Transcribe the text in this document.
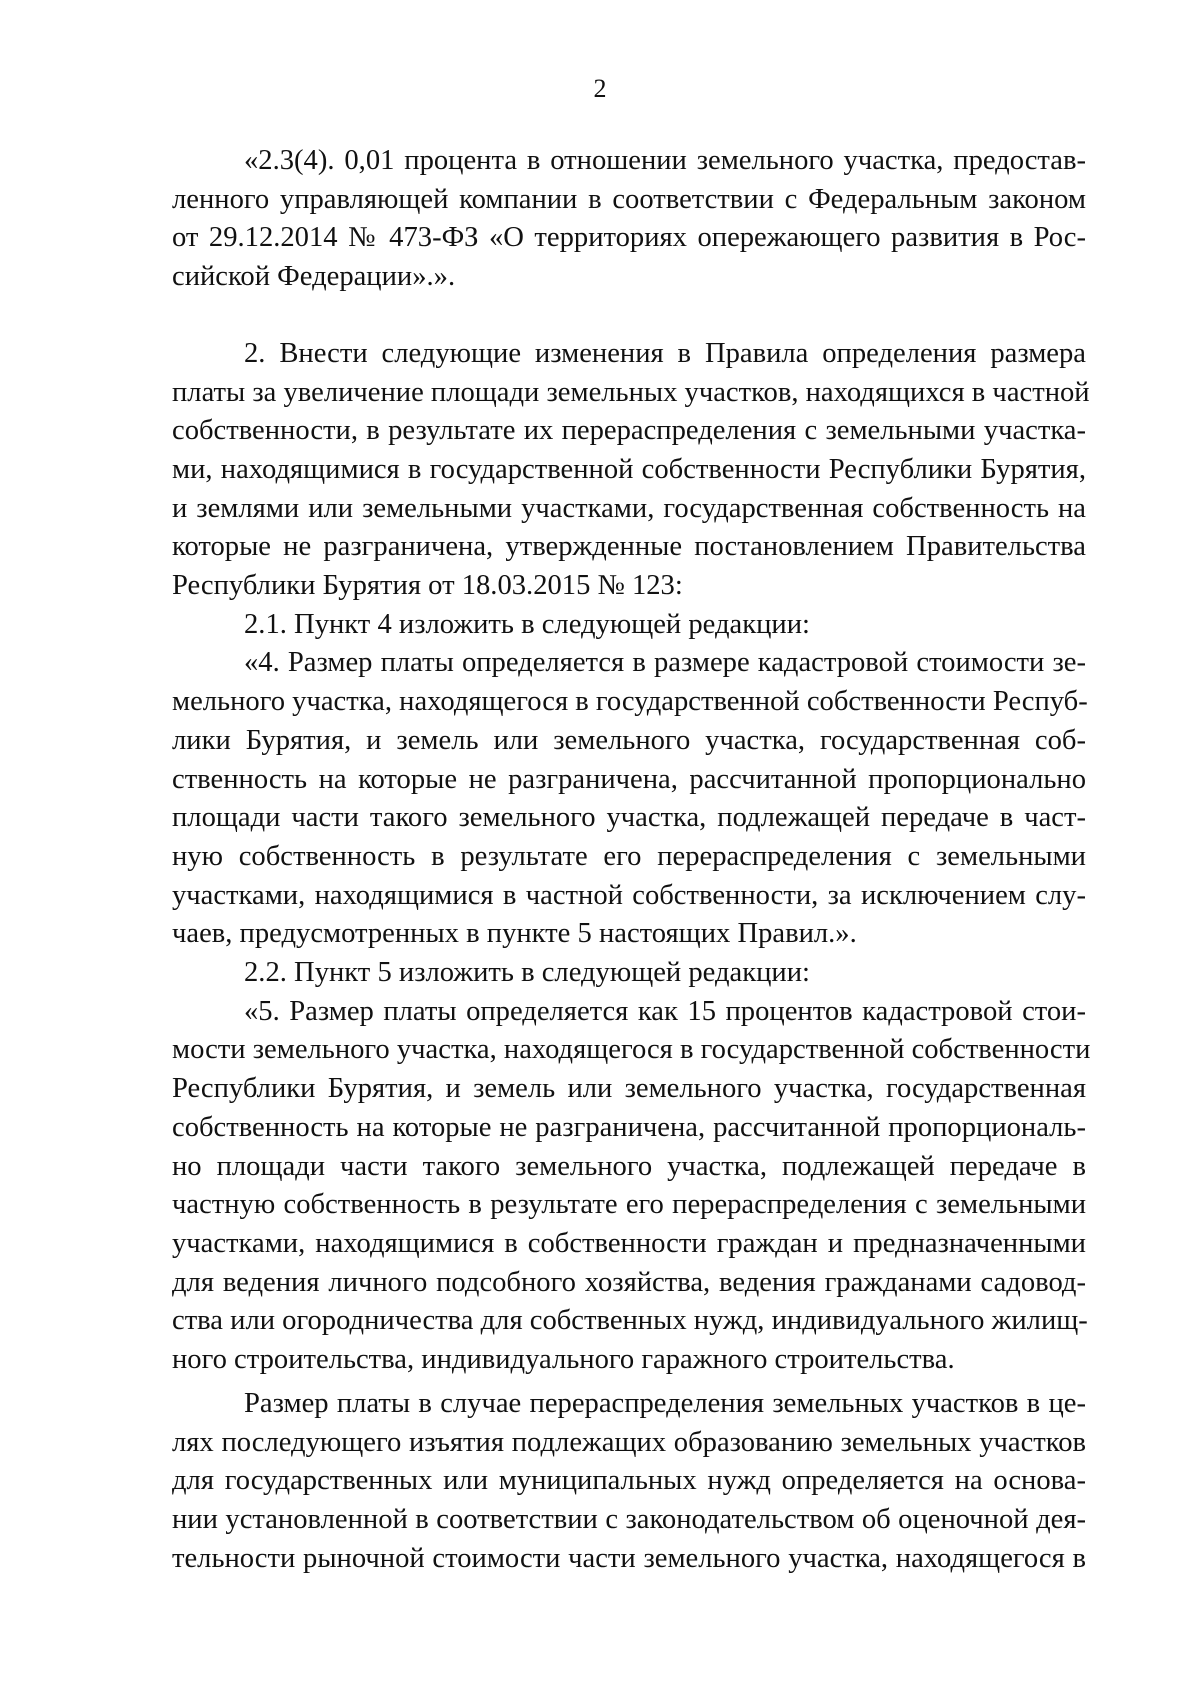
2
«2.3(4). 0,01 процента в отношении земельного участка, предостав-
ленного управляющей компании в соответствии с Федеральным законом
от 29.12.2014 № 473-ФЗ «О территориях опережающего развития в Рос-
сийской Федерации».».
2. Внести следующие изменения в Правила определения размера
платы за увеличение площади земельных участков, находящихся в частной
собственности, в результате их перераспределения с земельными участка-
ми, находящимися в государственной собственности Республики Бурятия,
и землями или земельными участками, государственная собственность на
которые не разграничена, утвержденные постановлением Правительства
Республики Бурятия от 18.03.2015 № 123:
2.1. Пункт 4 изложить в следующей редакции:
«4. Размер платы определяется в размере кадастровой стоимости зе-
мельного участка, находящегося в государственной собственности Респуб-
лики Бурятия, и земель или земельного участка, государственная соб-
ственность на которые не разграничена, рассчитанной пропорционально
площади части такого земельного участка, подлежащей передаче в част-
ную собственность в результате его перераспределения с земельными
участками, находящимися в частной собственности, за исключением слу-
чаев, предусмотренных в пункте 5 настоящих Правил.».
2.2. Пункт 5 изложить в следующей редакции:
«5. Размер платы определяется как 15 процентов кадастровой стои-
мости земельного участка, находящегося в государственной собственности
Республики Бурятия, и земель или земельного участка, государственная
собственность на которые не разграничена, рассчитанной пропорциональ-
но площади части такого земельного участка, подлежащей передаче в
частную собственность в результате его перераспределения с земельными
участками, находящимися в собственности граждан и предназначенными
для ведения личного подсобного хозяйства, ведения гражданами садовод-
ства или огородничества для собственных нужд, индивидуального жилищ-
ного строительства, индивидуального гаражного строительства.
Размер платы в случае перераспределения земельных участков в це-
лях последующего изъятия подлежащих образованию земельных участков
для государственных или муниципальных нужд определяется на основа-
нии установленной в соответствии с законодательством об оценочной дея-
тельности рыночной стоимости части земельного участка, находящегося в
